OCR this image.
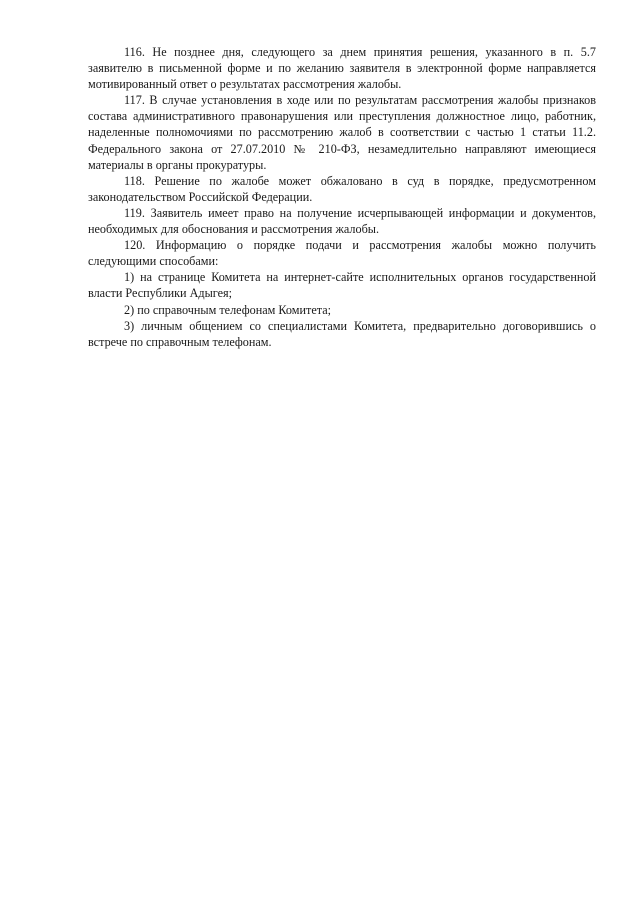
116. Не позднее дня, следующего за днем принятия решения, указанного в п. 5.7 заявителю в письменной форме и по желанию заявителя в электронной форме направляется мотивированный ответ о результатах рассмотрения жалобы.

117. В случае установления в ходе или по результатам рассмотрения жалобы признаков состава административного правонарушения или преступления должностное лицо, работник, наделенные полномочиями по рассмотрению жалоб в соответствии с частью 1 статьи 11.2. Федерального закона от 27.07.2010 № 210-ФЗ, незамедлительно направляют имеющиеся материалы в органы прокуратуры.

118. Решение по жалобе может обжаловано в суд в порядке, предусмотренном законодательством Российской Федерации.

119. Заявитель имеет право на получение исчерпывающей информации и документов, необходимых для обоснования и рассмотрения жалобы.

120. Информацию о порядке подачи и рассмотрения жалобы можно получить следующими способами:

1) на странице Комитета на интернет-сайте исполнительных органов государственной власти Республики Адыгея;

2) по справочным телефонам Комитета;

3) личным общением со специалистами Комитета, предварительно договорившись о встрече по справочным телефонам.
